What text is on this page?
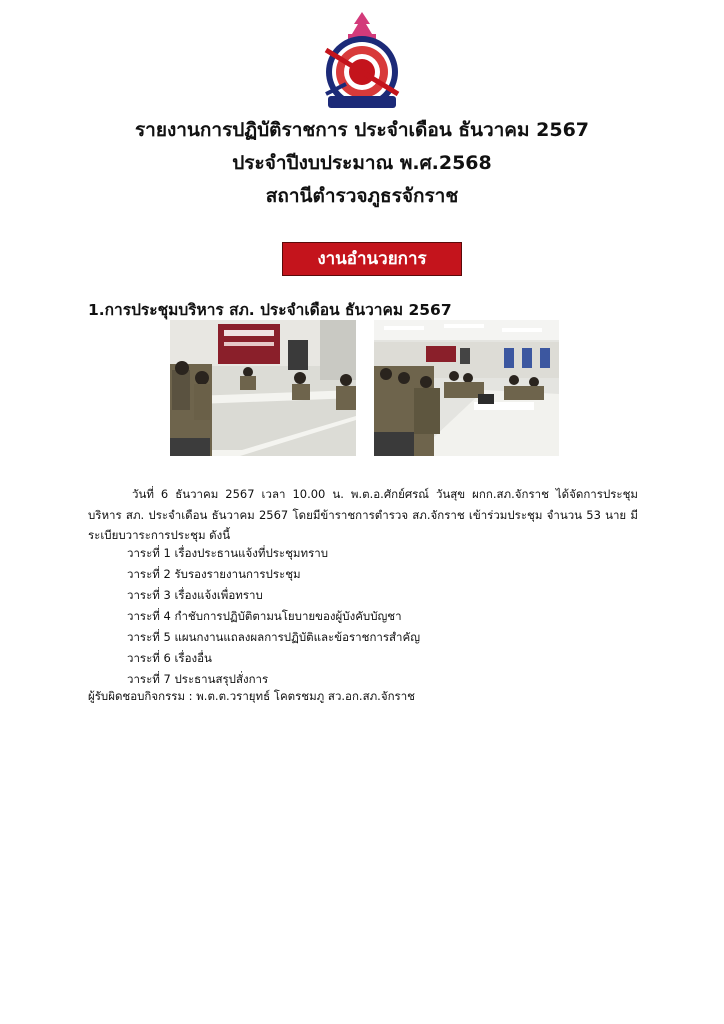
รายงานการปฏิบัติราชการ ประจำเดือน ธันวาคม 2567
ประจำปีงบประมาณ พ.ศ.2568
สถานีตำรวจภูธรจักราช
งานอำนวยการ
1.การประชุมบริหาร สภ. ประจำเดือน ธันวาคม 2567
วันที่ 6 ธันวาคม 2567 เวลา 10.00 น. พ.ต.อ.ศักย์ศรณ์ วันสุข ผกก.สภ.จักราช ได้จัดการประชุมบริหาร สภ. ประจำเดือน ธันวาคม 2567 โดยมีข้าราชการตำรวจ สภ.จักราช เข้าร่วมประชุม จำนวน 53 นาย มีระเบียบวาระการประชุม ดังนี้
วาระที่ 1 เรื่องประธานแจ้งที่ประชุมทราบ
วาระที่ 2 รับรองรายงานการประชุม
วาระที่ 3 เรื่องแจ้งเพื่อทราบ
วาระที่ 4 กำชับการปฏิบัติตามนโยบายของผู้บังคับบัญชา
วาระที่ 5 แผนกงานแถลงผลการปฏิบัติและข้อราชการสำคัญ
วาระที่ 6 เรื่องอื่น
วาระที่ 7 ประธานสรุปสั่งการ
ผู้รับผิดชอบกิจกรรม : พ.ต.ต.วรายุทธ์ โคตรชมภู สว.อก.สภ.จักราช
